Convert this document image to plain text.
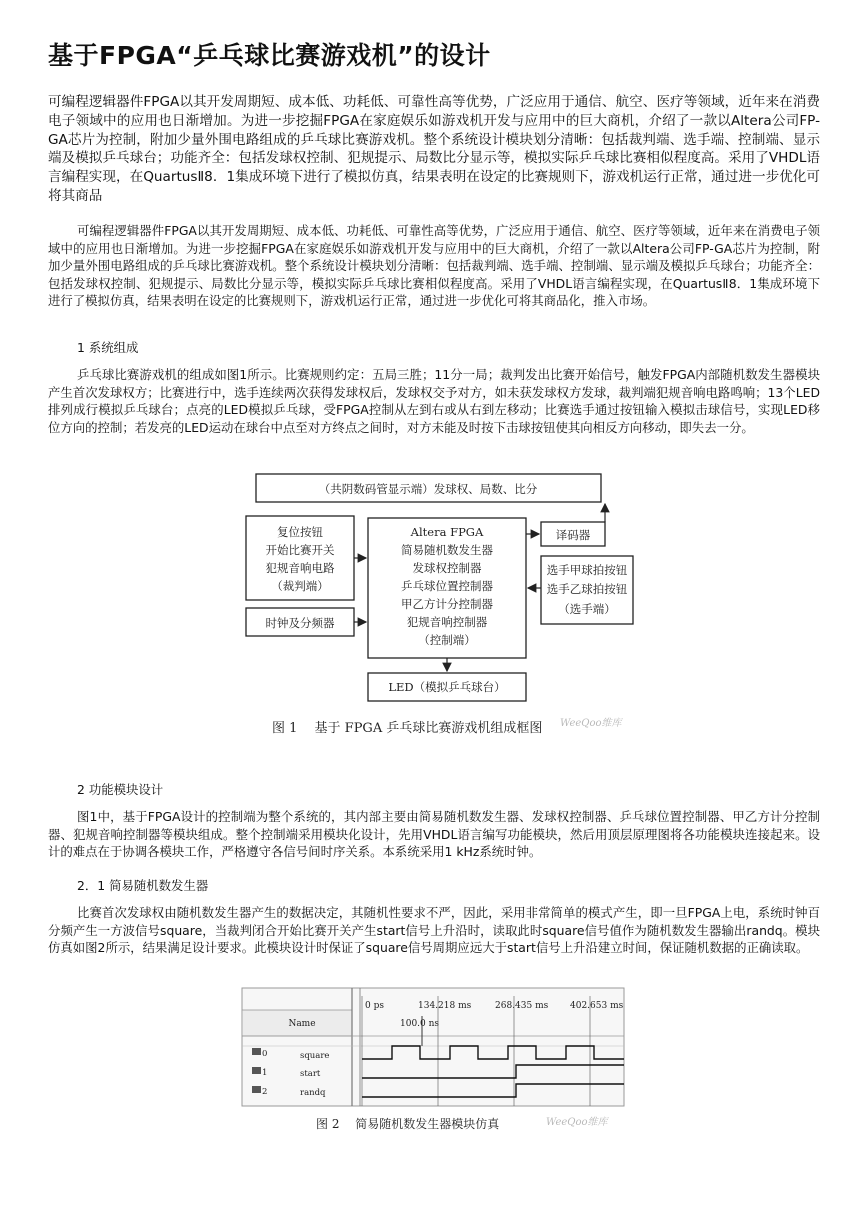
基于FPGA“乒乓球比赛游戏机”的设计

可编程逻辑器件FPGA以其开发周期短、成本低、功耗低、可靠性高等优势，广泛应用于通信、航空、医疗等领域，近年来在消费电子领域中的应用也日渐增加。为进一步挖掘FPGA在家庭娱乐如游戏机开发与应用中的巨大商机，介绍了一款以Altera公司FP-GA芯片为控制，附加少量外围电路组成的乒乓球比赛游戏机。整个系统设计模块划分清晰：包括裁判端、选手端、控制端、显示端及模拟乒乓球台；功能齐全：包括发球权控制、犯规提示、局数比分显示等，模拟实际乒乓球比赛相似程度高。采用了VHDL语言编程实现，在QuartusⅡ8．1集成环境下进行了模拟仿真，结果表明在设定的比赛规则下，游戏机运行正常，通过进一步优化可将其商品

可编程逻辑器件FPGA以其开发周期短、成本低、功耗低、可靠性高等优势，广泛应用于通信、航空、医疗等领域，近年来在消费电子领域中的应用也日渐增加。为进一步挖掘FPGA在家庭娱乐如游戏机开发与应用中的巨大商机，介绍了一款以Altera公司FP-GA芯片为控制，附加少量外围电路组成的乒乓球比赛游戏机。整个系统设计模块划分清晰：包括裁判端、选手端、控制端、显示端及模拟乒乓球台；功能齐全：包括发球权控制、犯规提示、局数比分显示等，模拟实际乒乓球比赛相似程度高。采用了VHDL语言编程实现，在QuartusⅡ8．1集成环境下进行了模拟仿真，结果表明在设定的比赛规则下，游戏机运行正常，通过进一步优化可将其商品化，推入市场。

1 系统组成

乒乓球比赛游戏机的组成如图1所示。比赛规则约定：五局三胜；11分一局；裁判发出比赛开始信号，触发FPGA内部随机数发生器模块产生首次发球权方；比赛进行中，选手连续两次获得发球权后，发球权交予对方，如未获发球权方发球，裁判端犯规音响电路鸣响；13个LED排列成行模拟乒乓球台；点亮的LED模拟乒乓球，受FPGA控制从左到右或从右到左移动；比赛选手通过按钮输入模拟击球信号，实现LED移位方向的控制；若发亮的LED运动在球台中点至对方终点之间时，对方未能及时按下击球按钮使其向相反方向移动，即失去一分。

（共阴数码管显示端）发球权、局数、比分
复位按钮
开始比赛开关
犯规音响电路
（裁判端）
Altera FPGA
简易随机数发生器
发球权控制器
乒乓球位置控制器
甲乙方计分控制器
犯规音响控制器
（控制端）
译码器
选手甲球拍按钮
选手乙球拍按钮
（选手端）
时钟及分频器
LED（模拟乒乓球台）
图 1　 基于 FPGA 乒乓球比赛游戏机组成框图 WeeQoo维库

2 功能模块设计

图1中，基于FPGA设计的控制端为整个系统的，其内部主要由简易随机数发生器、发球权控制器、乒乓球位置控制器、甲乙方计分控制器、犯规音响控制器等模块组成。整个控制端采用模块化设计，先用VHDL语言编写功能模块，然后用顶层原理图将各功能模块连接起来。设计的难点在于协调各模块工作，严格遵守各信号间时序关系。本系统采用1 kHz系统时钟。

2．1 简易随机数发生器

比赛首次发球权由随机数发生器产生的数据决定，其随机性要求不严，因此，采用非常简单的模式产生，即一旦FPGA上电，系统时钟百分频产生一方波信号square，当裁判闭合开始比赛开关产生start信号上升沿时，读取此时square信号值作为随机数发生器输出randq。模块仿真如图2所示，结果满足设计要求。此模块设计时保证了square信号周期应远大于start信号上升沿建立时间，保证随机数据的正确读取。

Name
0 ps	134.218 ms	268.435 ms 402.653 ms
100.0 ns
0	square
1	start
2	randq
图 2　 简易随机数发生器模块仿真	WeeQoo维库
